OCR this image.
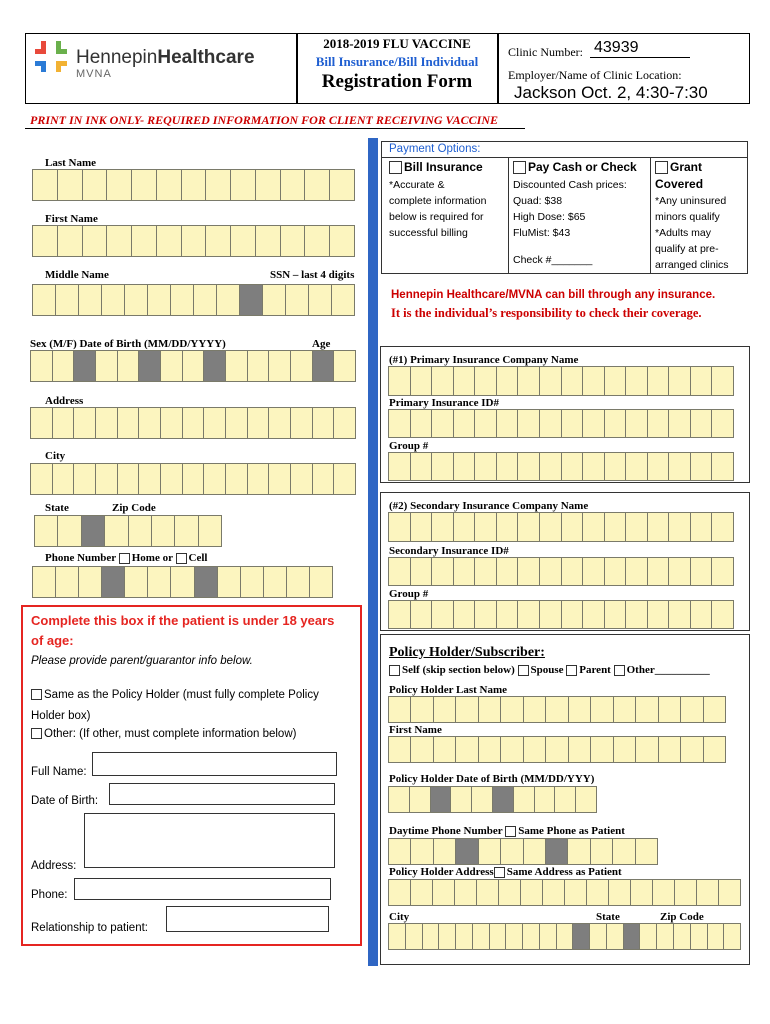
HennepinHealthcare
MVNA
2018-2019 FLU VACCINE
Bill Insurance/Bill Individual
Registration Form
Clinic Number: 43939
Employer/Name of Clinic Location:
Jackson Oct. 2, 4:30-7:30
PRINT IN INK ONLY- REQUIRED INFORMATION FOR CLIENT RECEIVING VACCINE
Last Name
First Name
Middle Name	SSN – last 4 digits
Sex (M/F) Date of Birth (MM/DD/YYYY)	Age
Address
City
State	Zip Code
Phone Number Home or Cell
Complete this box if the patient is under 18 years
of age:
Please provide parent/guarantor info below.
Same as the Policy Holder (must fully complete Policy
Holder box)
Other: (If other, must complete information below)
Full Name:
Date of Birth:
Address:
Phone:
Relationship to patient:
Payment Options:
Bill Insurance
*Accurate &
complete information
below is required for
successful billing
Pay Cash or Check
Discounted Cash prices:
Quad: $38
High Dose: $65
FluMist: $43
Check #_______
Grant
Covered
*Any uninsured
minors qualify
*Adults may
qualify at pre-
arranged clinics
Hennepin Healthcare/MVNA can bill through any insurance.
It is the individual’s responsibility to check their coverage.
(#1) Primary Insurance Company Name
Primary Insurance ID#
Group #
(#2) Secondary Insurance Company Name
Secondary Insurance ID#
Group #
Policy Holder/Subscriber:
Self (skip section below) Spouse Parent Other__________
Policy Holder Last Name
First Name
Policy Holder Date of Birth (MM/DD/YYY)
Daytime Phone Number Same Phone as Patient
Policy Holder Address Same Address as Patient
City	State	Zip Code
